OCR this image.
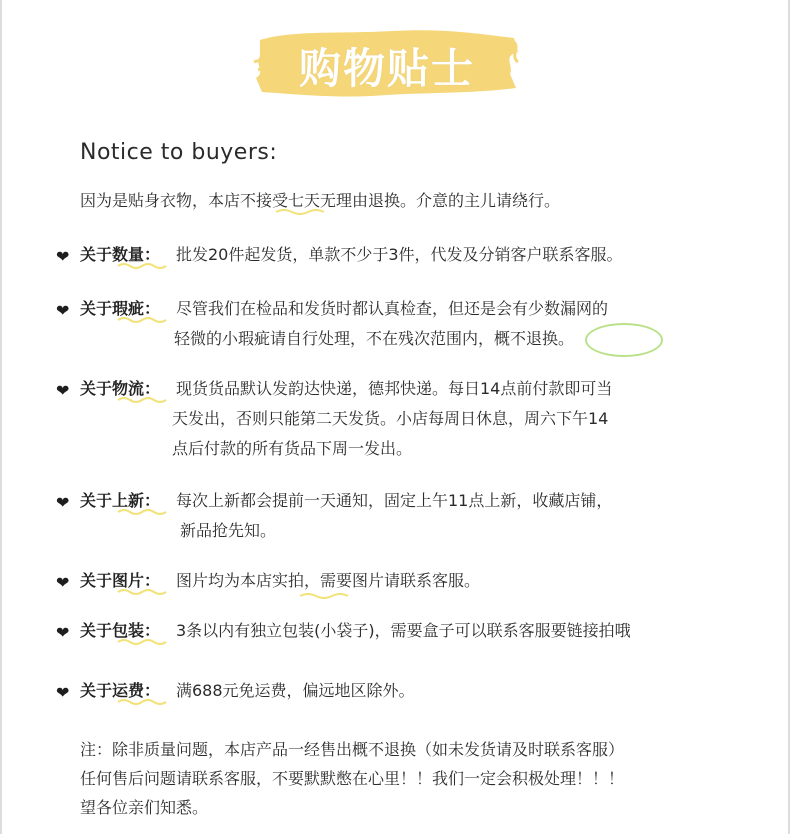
购物贴士
Notice to buyers:
因为是贴身衣物，本店不接受七天无理由退换。介意的主儿请绕行。
❤ 关于数量： 批发20件起发货，单款不少于3件，代发及分销客户联系客服。
❤ 关于瑕疵： 尽管我们在检品和发货时都认真检查，但还是会有少数漏网的
轻微的小瑕疵请自行处理，不在残次范围内，概不退换。
❤ 关于物流： 现货货品默认发韵达快递，德邦快递。每日14点前付款即可当
天发出，否则只能第二天发货。小店每周日休息，周六下午14
点后付款的所有货品下周一发出。
❤ 关于上新： 每次上新都会提前一天通知，固定上午11点上新，收藏店铺，
新品抢先知。
❤ 关于图片： 图片均为本店实拍，需要图片请联系客服。
❤ 关于包装： 3条以内有独立包装(小袋子)，需要盒子可以联系客服要链接拍哦
❤ 关于运费： 满688元免运费，偏远地区除外。
注：除非质量问题，本店产品一经售出概不退换（如未发货请及时联系客服）
任何售后问题请联系客服，不要默默憋在心里！！我们一定会积极处理！！！
望各位亲们知悉。
